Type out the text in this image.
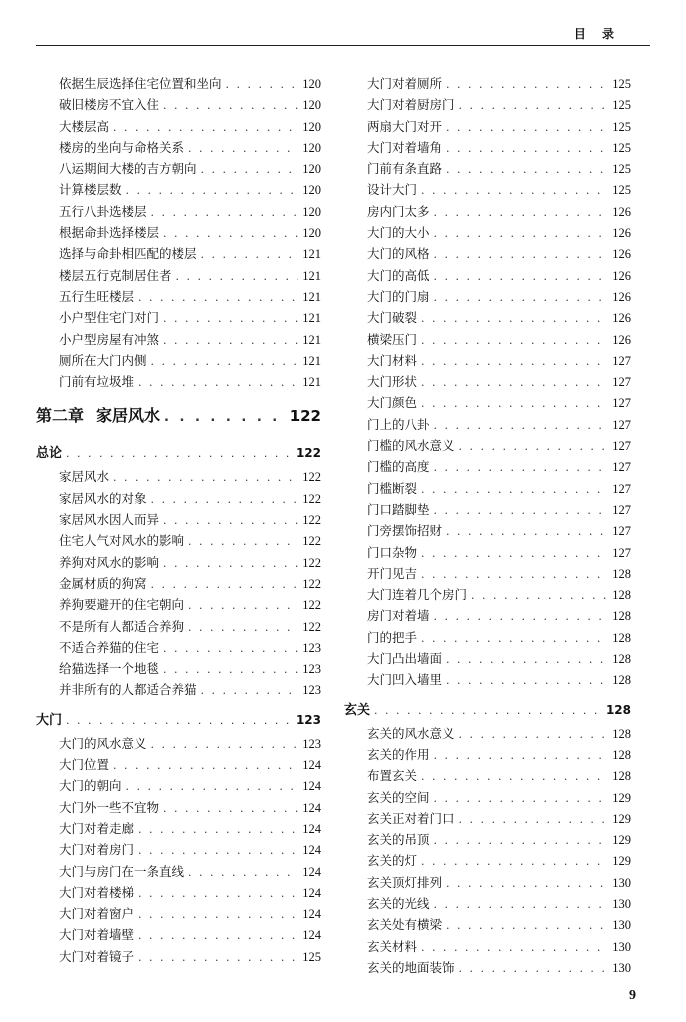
目 录
依据生辰选择住宅位置和坐向 . . .	120
破旧楼房不宜入住 . . .	120
大楼层高 . . .	120
楼房的坐向与命格关系 . . .	120
八运期间大楼的吉方朝向 . . .	120
计算楼层数 . . .	120
五行八卦选楼层 . . .	120
根据命卦选择楼层 . . .	120
选择与命卦相匹配的楼层 . . .	121
楼层五行克制居住者 . . .	121
五行生旺楼层 . . .	121
小户型住宅门对门 . . .	121
小户型房屋有冲煞 . . .	121
厕所在大门内侧 . . .	121
门前有垃圾堆 . . .	121
第二章 家居风水 . . .	122
总论 . . .	122
家居风水 . . .	122
家居风水的对象 . . .	122
家居风水因人而异 . . .	122
住宅人气对风水的影响 . . .	122
养狗对风水的影响 . . .	122
金属材质的狗窝 . . .	122
养狗要避开的住宅朝向 . . .	122
不是所有人都适合养狗 . . .	122
不适合养猫的住宅 . . .	123
给猫选择一个地毯 . . .	123
并非所有的人都适合养猫 . . .	123
大门 . . .	123
大门的风水意义 . . .	123
大门位置 . . .	124
大门的朝向 . . .	124
大门外一些不宜物 . . .	124
大门对着走廊 . . .	124
大门对着房门 . . .	124
大门与房门在一条直线 . . .	124
大门对着楼梯 . . .	124
大门对着窗户 . . .	124
大门对着墙壁 . . .	124
大门对着镜子 . . .	125
大门对着厕所 . . .	125
大门对着厨房门 . . .	125
两扇大门对开 . . .	125
大门对着墙角 . . .	125
门前有条直路 . . .	125
设计大门 . . .	125
房内门太多 . . .	126
大门的大小 . . .	126
大门的风格 . . .	126
大门的高低 . . .	126
大门的门扇 . . .	126
大门破裂 . . .	126
横梁压门 . . .	126
大门材料 . . .	127
大门形状 . . .	127
大门颜色 . . .	127
门上的八卦 . . .	127
门槛的风水意义 . . .	127
门槛的高度 . . .	127
门槛断裂 . . .	127
门口踏脚垫 . . .	127
门旁摆饰招财 . . .	127
门口杂物 . . .	127
开门见吉 . . .	128
大门连着几个房门 . . .	128
房门对着墙 . . .	128
门的把手 . . .	128
大门凸出墙面 . . .	128
大门凹入墙里 . . .	128
玄关 . . .	128
玄关的风水意义 . . .	128
玄关的作用 . . .	128
布置玄关 . . .	128
玄关的空间 . . .	129
玄关正对着门口 . . .	129
玄关的吊顶 . . .	129
玄关的灯 . . .	129
玄关顶灯排列 . . .	130
玄关的光线 . . .	130
玄关处有横梁 . . .	130
玄关材料 . . .	130
玄关的地面装饰 . . .	130
9
